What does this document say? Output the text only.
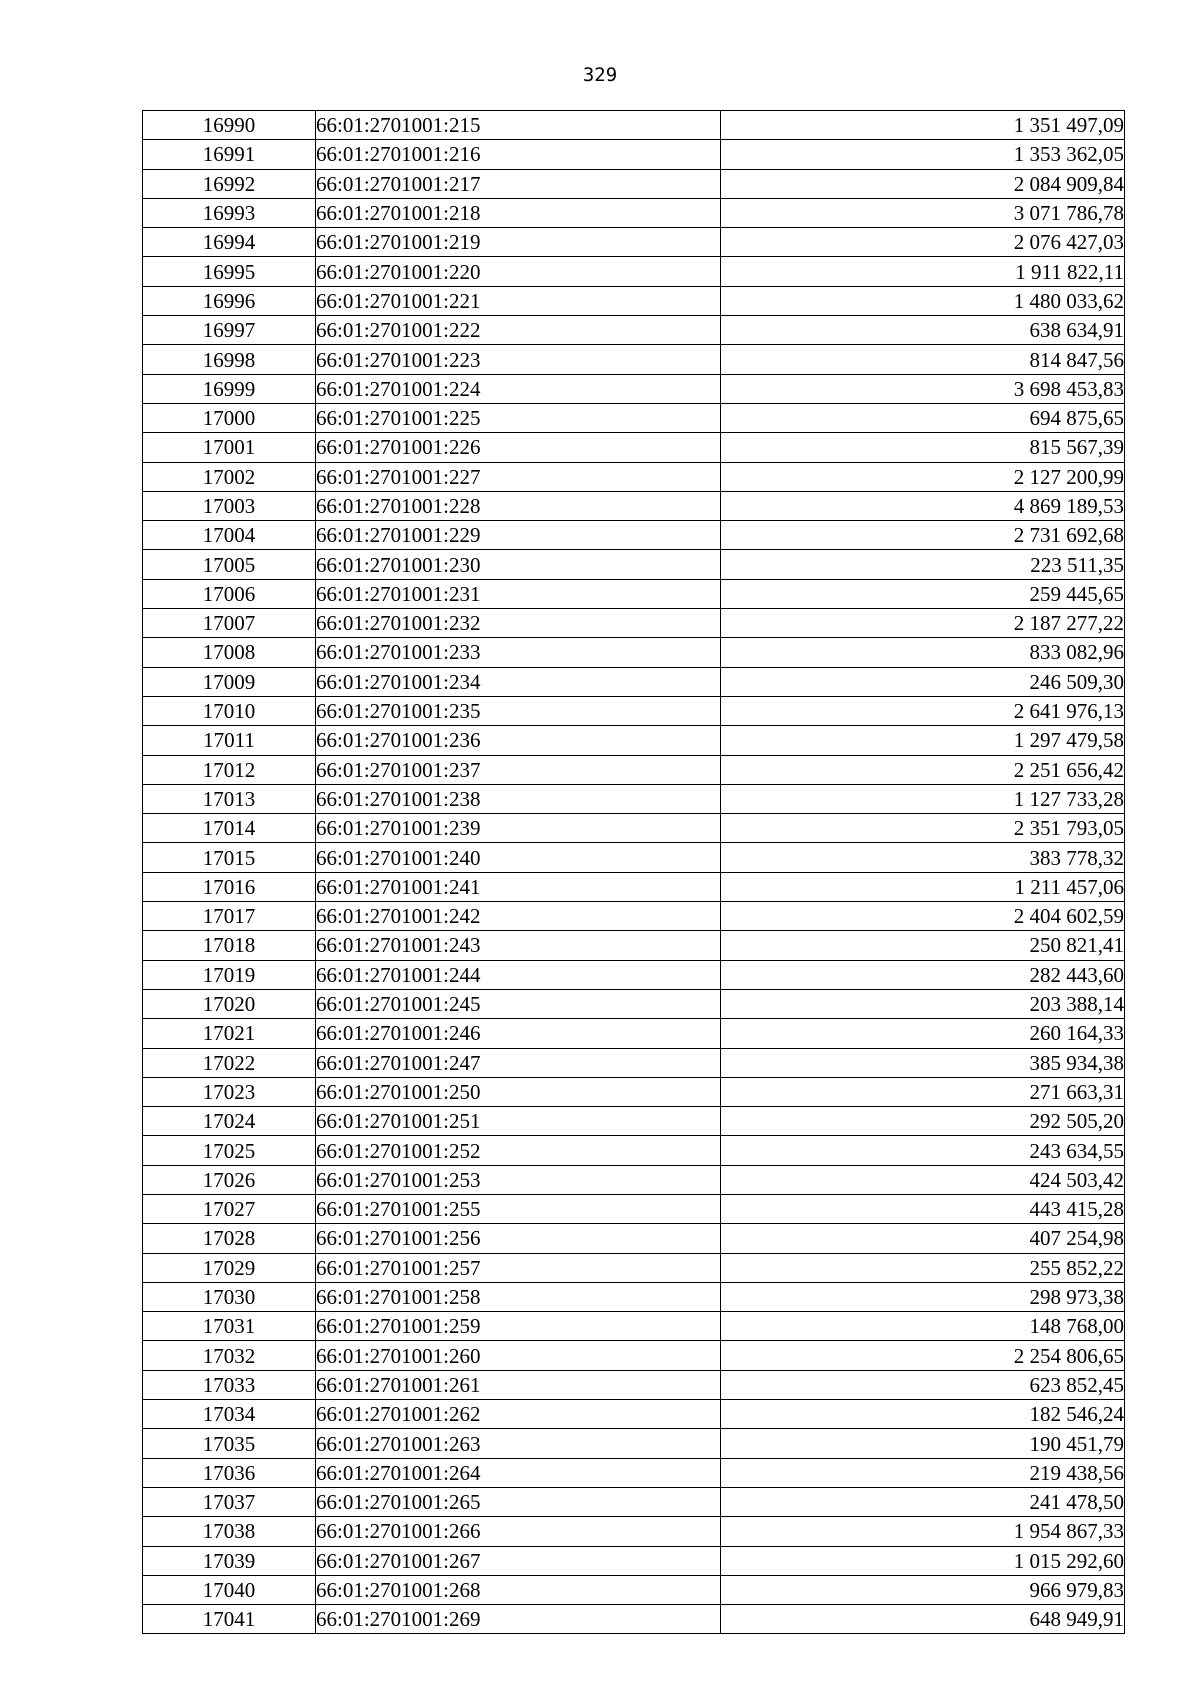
329
16990	66:01:2701001:215	1 351 497,09
16991	66:01:2701001:216	1 353 362,05
16992	66:01:2701001:217	2 084 909,84
16993	66:01:2701001:218	3 071 786,78
16994	66:01:2701001:219	2 076 427,03
16995	66:01:2701001:220	1 911 822,11
16996	66:01:2701001:221	1 480 033,62
16997	66:01:2701001:222	638 634,91
16998	66:01:2701001:223	814 847,56
16999	66:01:2701001:224	3 698 453,83
17000	66:01:2701001:225	694 875,65
17001	66:01:2701001:226	815 567,39
17002	66:01:2701001:227	2 127 200,99
17003	66:01:2701001:228	4 869 189,53
17004	66:01:2701001:229	2 731 692,68
17005	66:01:2701001:230	223 511,35
17006	66:01:2701001:231	259 445,65
17007	66:01:2701001:232	2 187 277,22
17008	66:01:2701001:233	833 082,96
17009	66:01:2701001:234	246 509,30
17010	66:01:2701001:235	2 641 976,13
17011	66:01:2701001:236	1 297 479,58
17012	66:01:2701001:237	2 251 656,42
17013	66:01:2701001:238	1 127 733,28
17014	66:01:2701001:239	2 351 793,05
17015	66:01:2701001:240	383 778,32
17016	66:01:2701001:241	1 211 457,06
17017	66:01:2701001:242	2 404 602,59
17018	66:01:2701001:243	250 821,41
17019	66:01:2701001:244	282 443,60
17020	66:01:2701001:245	203 388,14
17021	66:01:2701001:246	260 164,33
17022	66:01:2701001:247	385 934,38
17023	66:01:2701001:250	271 663,31
17024	66:01:2701001:251	292 505,20
17025	66:01:2701001:252	243 634,55
17026	66:01:2701001:253	424 503,42
17027	66:01:2701001:255	443 415,28
17028	66:01:2701001:256	407 254,98
17029	66:01:2701001:257	255 852,22
17030	66:01:2701001:258	298 973,38
17031	66:01:2701001:259	148 768,00
17032	66:01:2701001:260	2 254 806,65
17033	66:01:2701001:261	623 852,45
17034	66:01:2701001:262	182 546,24
17035	66:01:2701001:263	190 451,79
17036	66:01:2701001:264	219 438,56
17037	66:01:2701001:265	241 478,50
17038	66:01:2701001:266	1 954 867,33
17039	66:01:2701001:267	1 015 292,60
17040	66:01:2701001:268	966 979,83
17041	66:01:2701001:269	648 949,91
